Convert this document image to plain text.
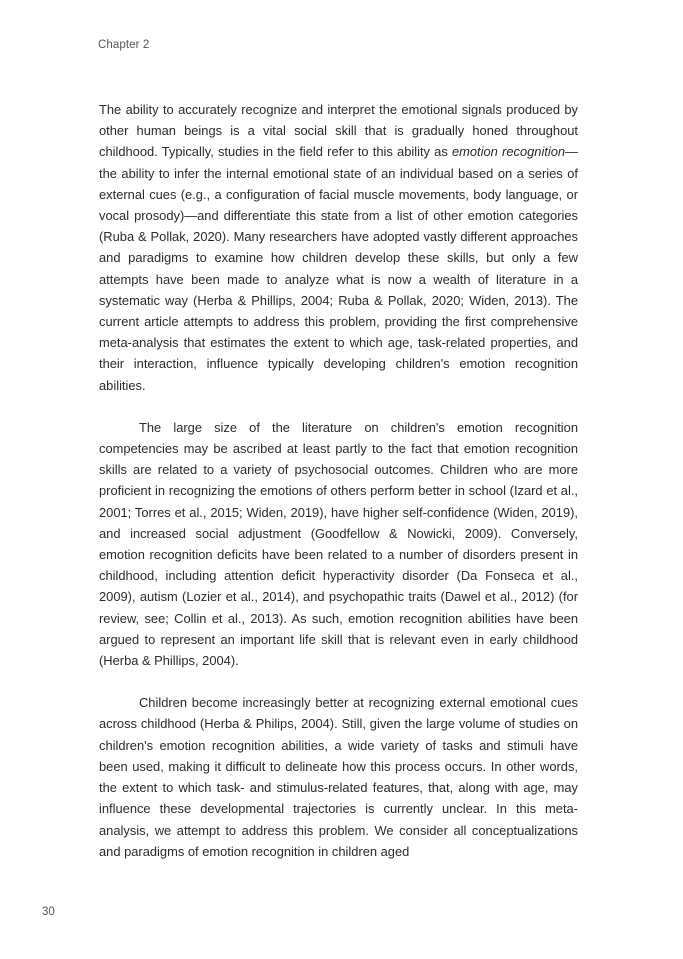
Chapter 2

The ability to accurately recognize and interpret the emotional signals produced by other human beings is a vital social skill that is gradually honed throughout childhood. Typically, studies in the field refer to this ability as emotion recognition—the ability to infer the internal emotional state of an individual based on a series of external cues (e.g., a configuration of facial muscle movements, body language, or vocal prosody)—and differentiate this state from a list of other emotion categories (Ruba & Pollak, 2020). Many researchers have adopted vastly different approaches and paradigms to examine how children develop these skills, but only a few attempts have been made to analyze what is now a wealth of literature in a systematic way (Herba & Phillips, 2004; Ruba & Pollak, 2020; Widen, 2013). The current article attempts to address this problem, providing the first comprehensive meta-analysis that estimates the extent to which age, task-related properties, and their interaction, influence typically developing children's emotion recognition abilities.

The large size of the literature on children's emotion recognition competencies may be ascribed at least partly to the fact that emotion recognition skills are related to a variety of psychosocial outcomes. Children who are more proficient in recognizing the emotions of others perform better in school (Izard et al., 2001; Torres et al., 2015; Widen, 2019), have higher self-confidence (Widen, 2019), and increased social adjustment (Goodfellow & Nowicki, 2009). Conversely, emotion recognition deficits have been related to a number of disorders present in childhood, including attention deficit hyperactivity disorder (Da Fonseca et al., 2009), autism (Lozier et al., 2014), and psychopathic traits (Dawel et al., 2012) (for review, see; Collin et al., 2013). As such, emotion recognition abilities have been argued to represent an important life skill that is relevant even in early childhood (Herba & Phillips, 2004).

Children become increasingly better at recognizing external emotional cues across childhood (Herba & Philips, 2004). Still, given the large volume of studies on children's emotion recognition abilities, a wide variety of tasks and stimuli have been used, making it difficult to delineate how this process occurs. In other words, the extent to which task- and stimulus-related features, that, along with age, may influence these developmental trajectories is currently unclear. In this meta-analysis, we attempt to address this problem. We consider all conceptualizations and paradigms of emotion recognition in children aged

30
